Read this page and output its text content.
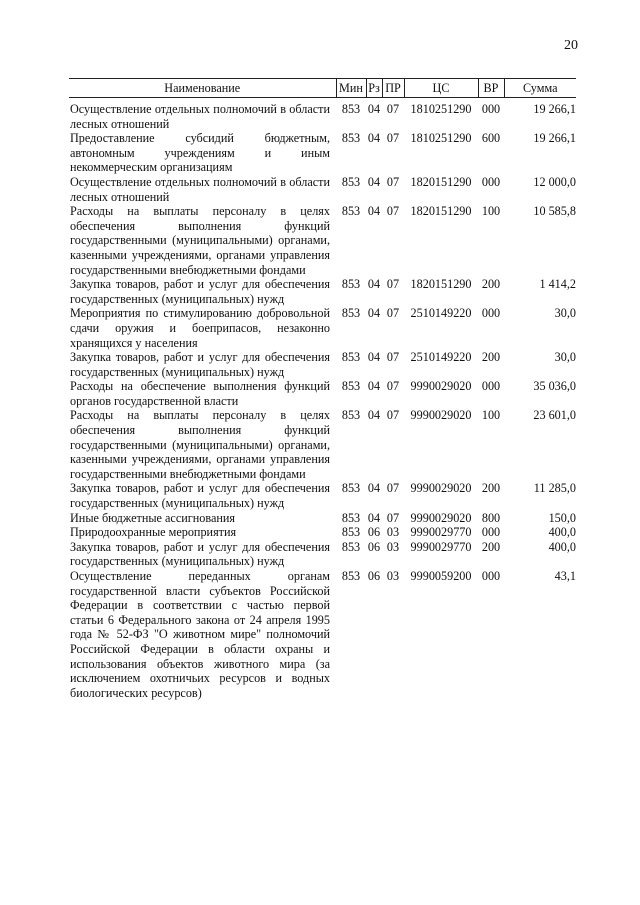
20
Наименование	Мин	Рз	ПР	ЦС	ВР	Сумма

Осуществление отдельных полномочий в области лесных отношений	853	04	07	1810251290	000	19 266,1
Предоставление субсидий бюджетным, автономным учреждениям и иным некоммерческим организациям	853	04	07	1810251290	600	19 266,1
Осуществление отдельных полномочий в области лесных отношений	853	04	07	1820151290	000	12 000,0
Расходы на выплаты персоналу в целях обеспечения выполнения функций государственными (муниципальными) органами, казенными учреждениями, органами управления государственными внебюджетными фондами	853	04	07	1820151290	100	10 585,8
Закупка товаров, работ и услуг для обеспечения государственных (муниципальных) нужд	853	04	07	1820151290	200	1 414,2
Мероприятия по стимулированию добровольной сдачи оружия и боеприпасов, незаконно хранящихся у населения	853	04	07	2510149220	000	30,0
Закупка товаров, работ и услуг для обеспечения государственных (муниципальных) нужд	853	04	07	2510149220	200	30,0
Расходы на обеспечение выполнения функций органов государственной власти	853	04	07	9990029020	000	35 036,0
Расходы на выплаты персоналу в целях обеспечения выполнения функций государственными (муниципальными) органами, казенными учреждениями, органами управления государственными внебюджетными фондами	853	04	07	9990029020	100	23 601,0
Закупка товаров, работ и услуг для обеспечения государственных (муниципальных) нужд	853	04	07	9990029020	200	11 285,0
Иные бюджетные ассигнования	853	04	07	9990029020	800	150,0
Природоохранные мероприятия	853	06	03	9990029770	000	400,0
Закупка товаров, работ и услуг для обеспечения государственных (муниципальных) нужд	853	06	03	9990029770	200	400,0
Осуществление переданных органам государственной власти субъектов Российской Федерации в соответствии с частью первой статьи 6 Федерального закона от 24 апреля 1995 года № 52-ФЗ "О животном мире" полномочий Российской Федерации в области охраны и использования объектов животного мира (за исключением охотничьих ресурсов и водных биологических ресурсов)	853	06	03	9990059200	000	43,1
